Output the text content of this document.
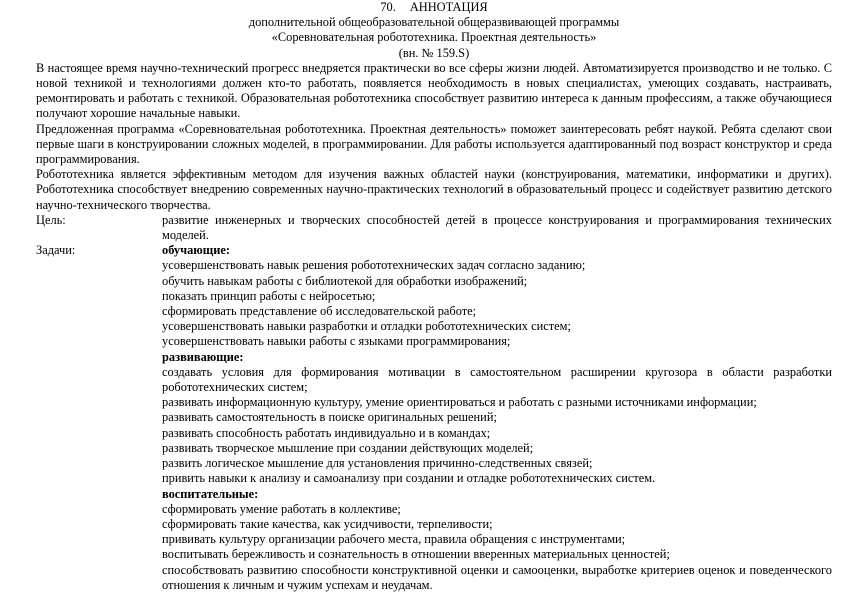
70. АННОТАЦИЯ
дополнительной общеобразовательной общеразвивающей программы
«Соревновательная робототехника. Проектная деятельность»
(вн. № 159.S)

В настоящее время научно-технический прогресс внедряется практически во все сферы жизни людей. Автоматизируется производство и не только. С новой техникой и технологиями должен кто-то работать, появляется необходимость в новых специалистах, умеющих создавать, настраивать, ремонтировать и работать с техникой. Образовательная робототехника способствует развитию интереса к данным профессиям, а также обучающиеся получают хорошие начальные навыки.

Предложенная программа «Соревновательная робототехника. Проектная деятельность» поможет заинтересовать ребят наукой. Ребята сделают свои первые шаги в конструировании сложных моделей, в программировании. Для работы используется адаптированный под возраст конструктор и среда программирования.

Робототехника является эффективным методом для изучения важных областей науки (конструирования, математики, информатики и других). Робототехника способствует внедрению современных научно-практических технологий в образовательный процесс и содействует развитию детского научно-технического творчества.

Цель:	развитие инженерных и творческих способностей детей в процессе конструирования и программирования технических моделей.
Задачи:	обучающие:
усовершенствовать навык решения робототехнических задач согласно заданию;
обучить навыкам работы с библиотекой для обработки изображений;
показать принцип работы с нейросетью;
сформировать представление об исследовательской работе;
усовершенствовать навыки разработки и отладки робототехнических систем;
усовершенствовать навыки работы с языками программирования;
развивающие:
создавать условия для формирования мотивации в самостоятельном расширении кругозора в области разработки робототехнических систем;
развивать информационную культуру, умение ориентироваться и работать с разными источниками информации;
развивать самостоятельность в поиске оригинальных решений;
развивать способность работать индивидуально и в командах;
развивать творческое мышление при создании действующих моделей;
развить логическое мышление для установления причинно-следственных связей;
привить навыки к анализу и самоанализу при создании и отладке робототехнических систем.
воспитательные:
сформировать умение работать в коллективе;
сформировать такие качества, как усидчивости, терпеливости;
прививать культуру организации рабочего места, правила обращения с инструментами;
воспитывать бережливость и сознательность в отношении вверенных материальных ценностей;
способствовать развитию способности конструктивной оценки и самооценки, выработке критериев оценок и поведенческого отношения к личным и чужим успехам и неудачам.
